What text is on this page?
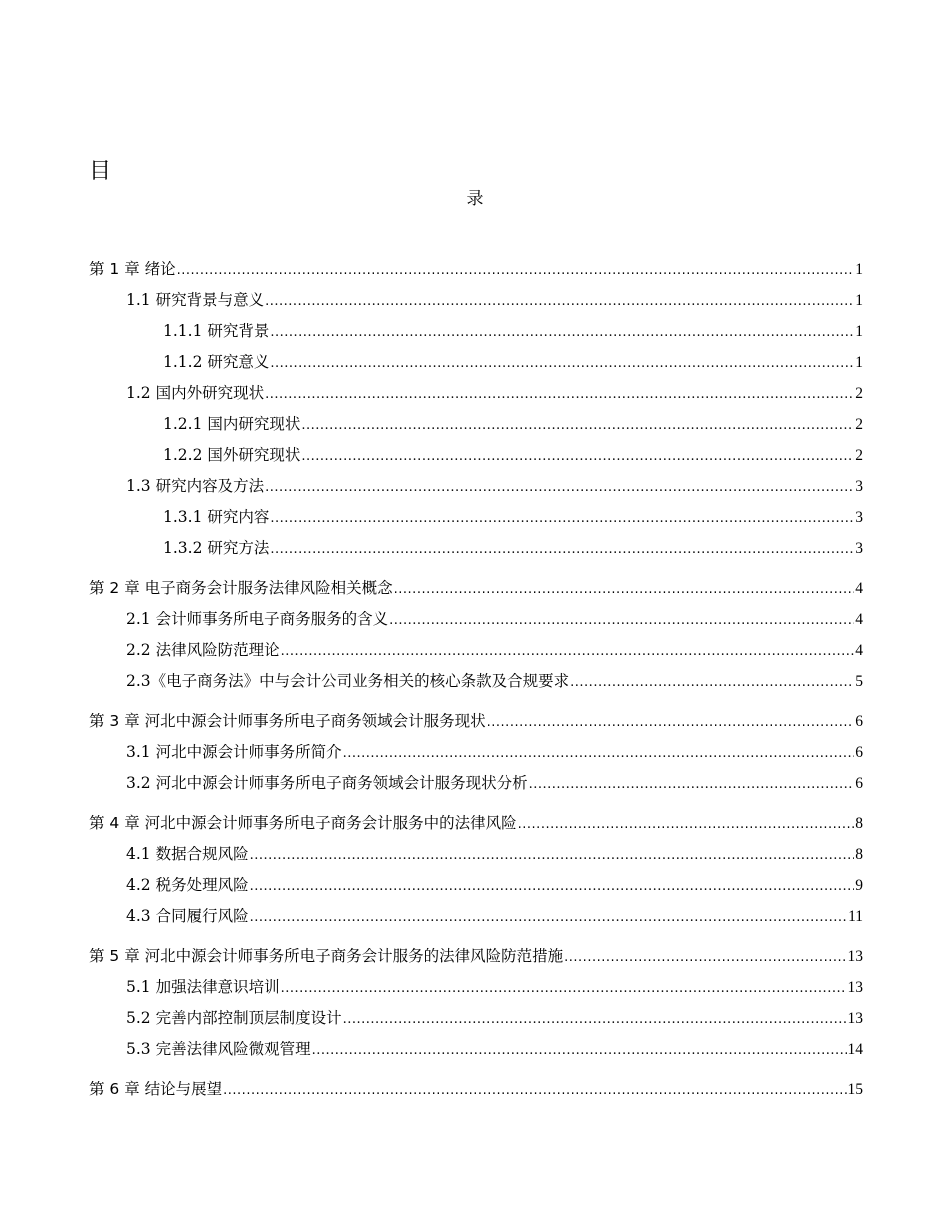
目
录
第 1 章 绪论 .....	1
1.1 研究背景与意义 .....	1
1.1.1 研究背景 .....	1
1.1.2 研究意义 .....	1
1.2 国内外研究现状 .....	2
1.2.1 国内研究现状 .....	2
1.2.2 国外研究现状 .....	2
1.3 研究内容及方法 .....	3
1.3.1 研究内容 .....	3
1.3.2 研究方法 .....	3
第 2 章 电子商务会计服务法律风险相关概念 .....	4
2.1 会计师事务所电子商务服务的含义 .....	4
2.2 法律风险防范理论 .....	4
2.3《电子商务法》中与会计公司业务相关的核心条款及合规要求 .....	5
第 3 章 河北中源会计师事务所电子商务领域会计服务现状 .....	6
3.1 河北中源会计师事务所简介 .....	6
3.2 河北中源会计师事务所电子商务领域会计服务现状分析 .....	6
第 4 章 河北中源会计师事务所电子商务会计服务中的法律风险 .....	8
4.1 数据合规风险 .....	8
4.2 税务处理风险 .....	9
4.3 合同履行风险 .....	11
第 5 章 河北中源会计师事务所电子商务会计服务的法律风险防范措施 .....	13
5.1 加强法律意识培训 .....	13
5.2 完善内部控制顶层制度设计 .....	13
5.3 完善法律风险微观管理 .....	14
第 6 章 结论与展望 .....	15
